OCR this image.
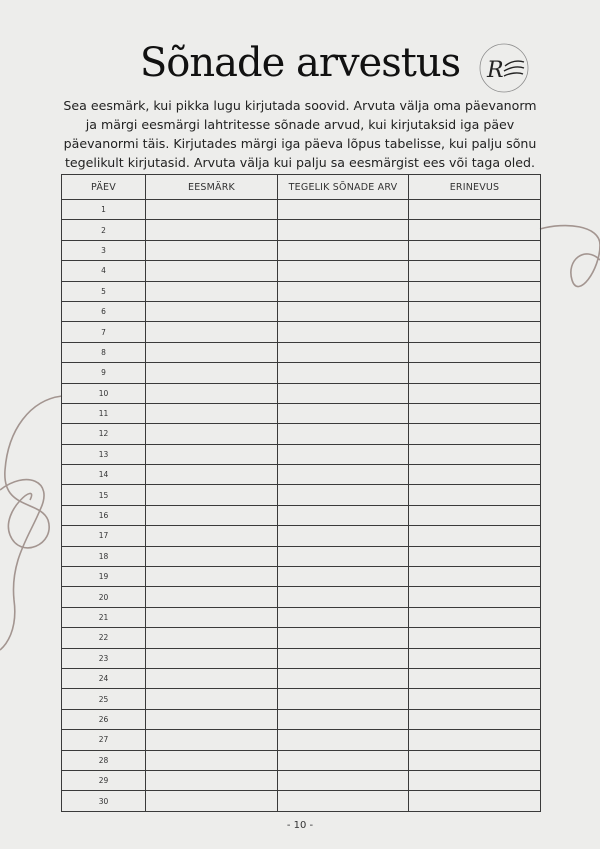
Sõnade arvestus	R

Sea eesmärk, kui pikka lugu kirjutada soovid. Arvuta välja oma päevanorm ja märgi eesmärgi lahtritesse sõnade arvud, kui kirjutaksid iga päev päevanormi täis. Kirjutades märgi iga päeva lõpus tabelisse, kui palju sõnu tegelikult kirjutasid. Arvuta välja kui palju sa eesmärgist ees või taga oled.

PÄEV	EESMÄRK	TEGELIK SÕNADE ARV	ERINEVUS
1			
2			
3			
4			
5			
6			
7			
8			
9			
10			
11			
12			
13			
14			
15			
16			
17			
18			
19			
20			
21			
22			
23			
24			
25			
26			
27			
28			
29			
30			
- 10 -
